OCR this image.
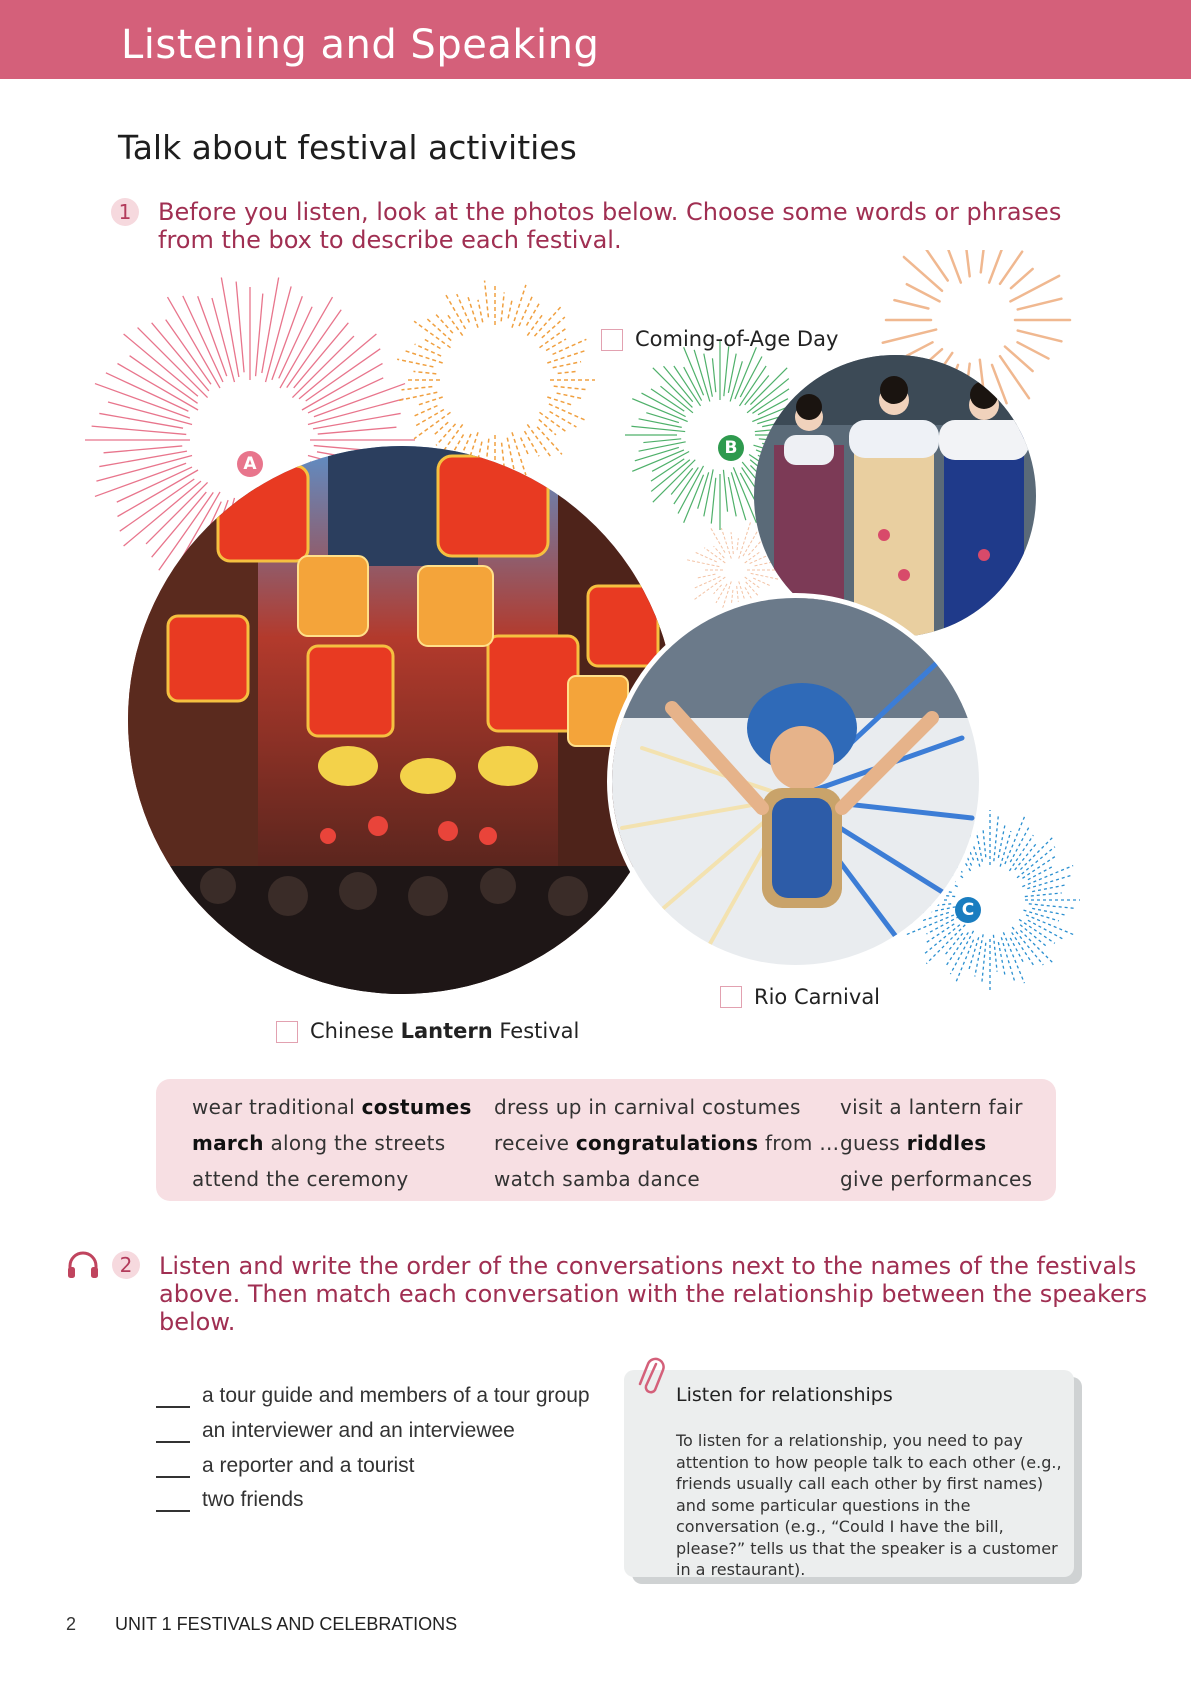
Listening and Speaking
Talk about festival activities
1	Before you listen, look at the photos below. Choose some words or phrases
from the box to describe each festival.
A
B
C
Coming-of-Age Day
Rio Carnival
Chinese Lantern Festival
wear traditional costumes
march along the streets
attend the ceremony
dress up in carnival costumes
receive congratulations from ...
watch samba dance
visit a lantern fair
guess riddles
give performances
2	Listen and write the order of the conversations next to the names of the festivals
above. Then match each conversation with the relationship between the speakers
below.
a tour guide and members of a tour group
an interviewer and an interviewee
a reporter and a tourist
two friends
Listen for relationships
To listen for a relationship, you need to pay attention to how people talk to each other (e.g., friends usually call each other by first names) and some particular questions in the conversation (e.g., “Could I have the bill, please?” tells us that the speaker is a customer in a restaurant).
2 UNIT 1 FESTIVALS AND CELEBRATIONS
